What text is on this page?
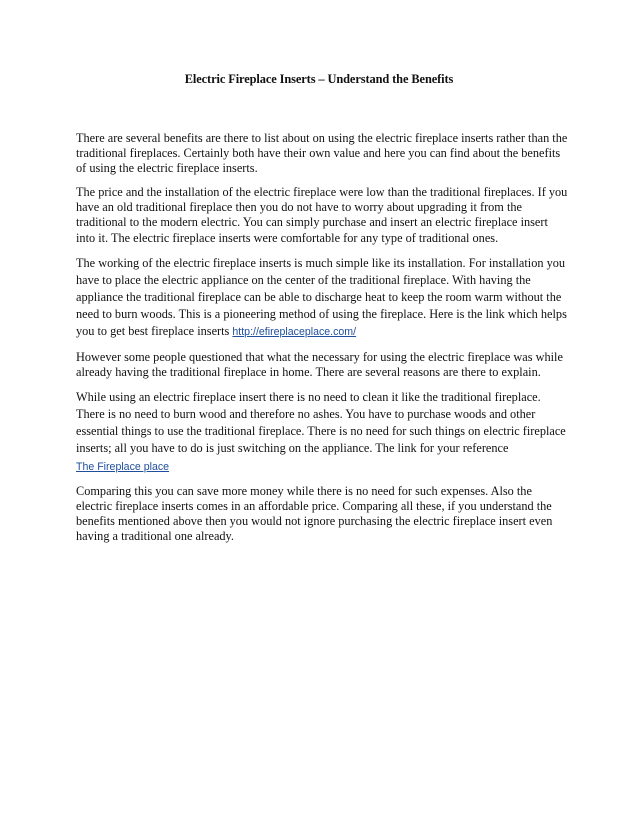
Electric Fireplace Inserts – Understand the Benefits

There are several benefits are there to list about on using the electric fireplace inserts rather than the traditional fireplaces. Certainly both have their own value and here you can find about the benefits of using the electric fireplace inserts.

The price and the installation of the electric fireplace were low than the traditional fireplaces. If you have an old traditional fireplace then you do not have to worry about upgrading it from the traditional to the modern electric. You can simply purchase and insert an electric fireplace insert into it. The electric fireplace inserts were comfortable for any type of traditional ones.

The working of the electric fireplace inserts is much simple like its installation. For installation you have to place the electric appliance on the center of the traditional fireplace. With having the appliance the traditional fireplace can be able to discharge heat to keep the room warm without the need to burn woods. This is a pioneering method of using the fireplace. Here is the link which helps you to get best fireplace inserts http://efireplaceplace.com/

However some people questioned that what the necessary for using the electric fireplace was while already having the traditional fireplace in home. There are several reasons are there to explain.

While using an electric fireplace insert there is no need to clean it like the traditional fireplace. There is no need to burn wood and therefore no ashes. You have to purchase woods and other essential things to use the traditional fireplace. There is no need for such things on electric fireplace inserts; all you have to do is just switching on the appliance. The link for your reference
The Fireplace place

Comparing this you can save more money while there is no need for such expenses. Also the electric fireplace inserts comes in an affordable price. Comparing all these, if you understand the benefits mentioned above then you would not ignore purchasing the electric fireplace insert even having a traditional one already.
